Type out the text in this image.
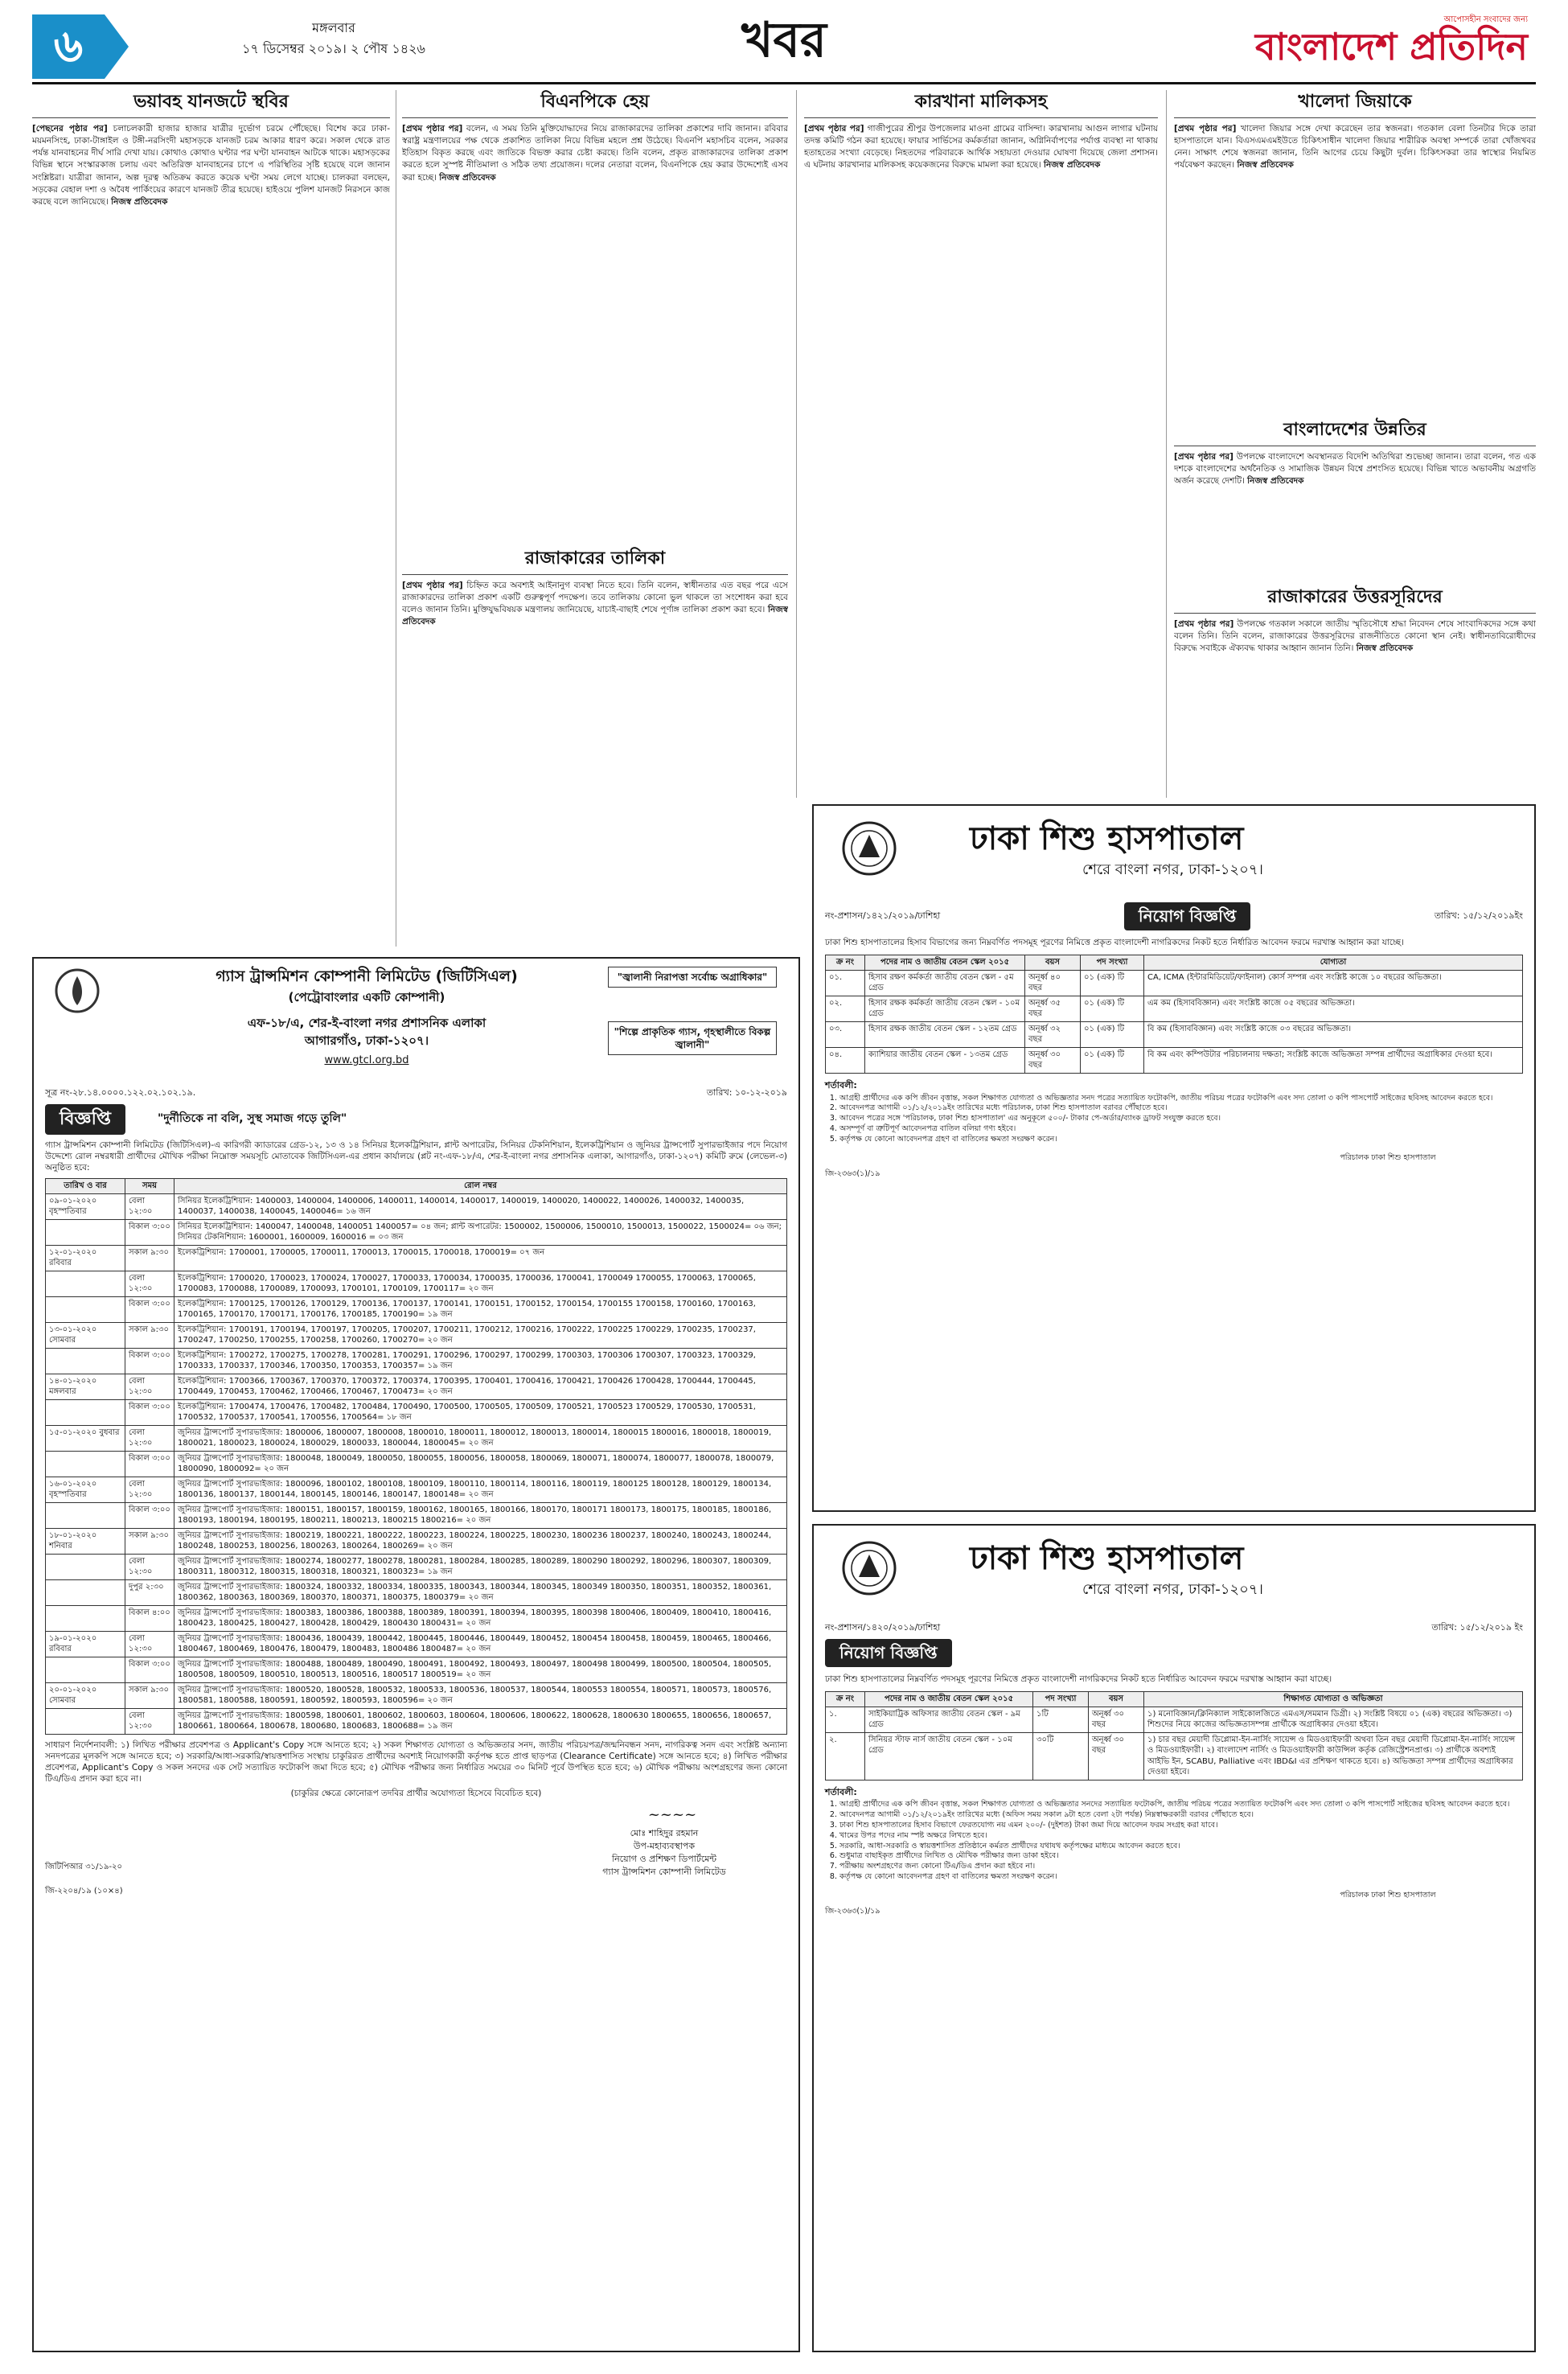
৬	মঙ্গলবার
১৭ ডিসেম্বর ২০১৯। ২ পৌষ ১৪২৬	খবর	আপোসহীন সংবাদের জন্য
বাংলাদেশ প্রতিদিন
ভয়াবহ যানজটে স্থবির

[পেছনের পৃষ্ঠার পর] চলাচলকারী হাজার হাজার যাত্রীর দুর্ভোগ চরমে পৌঁছেছে। বিশেষ করে ঢাকা-ময়মনসিংহ, ঢাকা-টাঙ্গাইল ও টঙ্গী-নরসিংদী মহাসড়কে যানজট চরম আকার ধারণ করে। সকাল থেকে রাত পর্যন্ত যানবাহনের দীর্ঘ সারি দেখা যায়। কোথাও কোথাও ঘণ্টার পর ঘণ্টা যানবাহন আটকে থাকে। মহাসড়কের বিভিন্ন স্থানে সংস্কারকাজ চলায় এবং অতিরিক্ত যানবাহনের চাপে এ পরিস্থিতির সৃষ্টি হয়েছে বলে জানান সংশ্লিষ্টরা। যাত্রীরা জানান, অল্প দূরত্ব অতিক্রম করতে কয়েক ঘণ্টা সময় লেগে যাচ্ছে। চালকরা বলছেন, সড়কের বেহাল দশা ও অবৈধ পার্কিংয়ের কারণে যানজট তীব্র হয়েছে। হাইওয়ে পুলিশ যানজট নিরসনে কাজ করছে বলে জানিয়েছে। নিজস্ব প্রতিবেদক

বিএনপিকে হেয়

[প্রথম পৃষ্ঠার পর] বলেন, এ সময় তিনি মুক্তিযোদ্ধাদের নিয়ে রাজাকারদের তালিকা প্রকাশের দাবি জানান। রবিবার স্বরাষ্ট্র মন্ত্রণালয়ের পক্ষ থেকে প্রকাশিত তালিকা নিয়ে বিভিন্ন মহলে প্রশ্ন উঠেছে। বিএনপি মহাসচিব বলেন, সরকার ইতিহাস বিকৃত করছে এবং জাতিকে বিভক্ত করার চেষ্টা করছে। তিনি বলেন, প্রকৃত রাজাকারদের তালিকা প্রকাশ করতে হলে সুস্পষ্ট নীতিমালা ও সঠিক তথ্য প্রয়োজন। দলের নেতারা বলেন, বিএনপিকে হেয় করার উদ্দেশ্যেই এসব করা হচ্ছে। নিজস্ব প্রতিবেদক

রাজাকারের তালিকা

[প্রথম পৃষ্ঠার পর] চিহ্নিত করে অবশ্যই আইনানুগ ব্যবস্থা নিতে হবে। তিনি বলেন, স্বাধীনতার এত বছর পরে এসে রাজাকারদের তালিকা প্রকাশ একটি গুরুত্বপূর্ণ পদক্ষেপ। তবে তালিকায় কোনো ভুল থাকলে তা সংশোধন করা হবে বলেও জানান তিনি। মুক্তিযুদ্ধবিষয়ক মন্ত্রণালয় জানিয়েছে, যাচাই-বাছাই শেষে পূর্ণাঙ্গ তালিকা প্রকাশ করা হবে। নিজস্ব প্রতিবেদক

কারখানা মালিকসহ

[প্রথম পৃষ্ঠার পর] গাজীপুরের শ্রীপুর উপজেলার মাওনা গ্রামের বাসিন্দা। কারখানায় আগুন লাগার ঘটনায় তদন্ত কমিটি গঠন করা হয়েছে। ফায়ার সার্ভিসের কর্মকর্তারা জানান, অগ্নিনির্বাপণের পর্যাপ্ত ব্যবস্থা না থাকায় হতাহতের সংখ্যা বেড়েছে। নিহতদের পরিবারকে আর্থিক সহায়তা দেওয়ার ঘোষণা দিয়েছে জেলা প্রশাসন। এ ঘটনায় কারখানার মালিকসহ কয়েকজনের বিরুদ্ধে মামলা করা হয়েছে। নিজস্ব প্রতিবেদক

খালেদা জিয়াকে

[প্রথম পৃষ্ঠার পর] খালেদা জিয়ার সঙ্গে দেখা করেছেন তার স্বজনরা। গতকাল বেলা তিনটার দিকে তারা হাসপাতালে যান। বিএসএমএমইউতে চিকিৎসাধীন খালেদা জিয়ার শারীরিক অবস্থা সম্পর্কে তারা খোঁজখবর নেন। সাক্ষাৎ শেষে স্বজনরা জানান, তিনি আগের চেয়ে কিছুটা দুর্বল। চিকিৎসকরা তার স্বাস্থ্যের নিয়মিত পর্যবেক্ষণ করছেন। নিজস্ব প্রতিবেদক

বাংলাদেশের উন্নতির

[প্রথম পৃষ্ঠার পর] উপলক্ষে বাংলাদেশে অবস্থানরত বিদেশি অতিথিরা শুভেচ্ছা জানান। তারা বলেন, গত এক দশকে বাংলাদেশের অর্থনৈতিক ও সামাজিক উন্নয়ন বিশ্বে প্রশংসিত হয়েছে। বিভিন্ন খাতে অভাবনীয় অগ্রগতি অর্জন করেছে দেশটি। নিজস্ব প্রতিবেদক

রাজাকারের উত্তরসূরিদের

[প্রথম পৃষ্ঠার পর] উপলক্ষে গতকাল সকালে জাতীয় স্মৃতিসৌধে শ্রদ্ধা নিবেদন শেষে সাংবাদিকদের সঙ্গে কথা বলেন তিনি। তিনি বলেন, রাজাকারের উত্তরসূরিদের রাজনীতিতে কোনো স্থান নেই। স্বাধীনতাবিরোধীদের বিরুদ্ধে সবাইকে ঐক্যবদ্ধ থাকার আহ্বান জানান তিনি। নিজস্ব প্রতিবেদক

গ্যাস ট্রান্সমিশন কোম্পানী লিমিটেড (জিটিসিএল)
(পেট্রোবাংলার একটি কোম্পানী)
এফ-১৮/এ, শের-ই-বাংলা নগর প্রশাসনিক এলাকা
আগারগাঁও, ঢাকা-১২০৭।
www.gtcl.org.bd
"জ্বালানী নিরাপত্তা সর্বোচ্চ অগ্রাধিকার"
"শিল্পে প্রাকৃতিক গ্যাস, গৃহস্থালীতে বিকল্প জ্বালানী"
সূত্র নং-২৮.১৪.০০০০.১২২.০২.১০২.১৯.	তারিখ: ১০-১২-২০১৯
বিজ্ঞপ্তি	"দুর্নীতিকে না বলি, সুস্থ সমাজ গড়ে তুলি"
গ্যাস ট্রান্সমিশন কোম্পানী লিমিটেড (জিটিসিএল)-এ কারিগরী ক্যাডারের গ্রেড-১২, ১৩ ও ১৪ সিনিয়র ইলেকট্রিশিয়ান, প্লান্ট অপারেটর, সিনিয়র টেকনিশিয়ান, ইলেকট্রিশিয়ান ও জুনিয়র ট্রান্সপোর্ট সুপারভাইজার পদে নিয়োগ উদ্দেশ্যে রোল নম্বরধারী প্রার্থীদের মৌখিক পরীক্ষা নিম্নোক্ত সময়সূচি মোতাবেক জিটিসিএল-এর প্রধান কার্যালয়ে (প্লট নং-এফ-১৮/এ, শের-ই-বাংলা নগর প্রশাসনিক এলাকা, আগারগাঁও, ঢাকা-১২০৭) কমিটি রুমে (লেভেল-৩) অনুষ্ঠিত হবে:
তারিখ ও বার	সময়	রোল নম্বর
০৯-০১-২০২০ বৃহস্পতিবার	বেলা ১২:৩০	সিনিয়র ইলেকট্রিশিয়ান: 1400003, 1400004, 1400006, 1400011, 1400014, 1400017, 1400019, 1400020, 1400022, 1400026, 1400032, 1400035, 1400037, 1400038, 1400045, 1400046= ১৬ জন
	বিকাল ৩:০০	সিনিয়র ইলেকট্রিশিয়ান: 1400047, 1400048, 1400051 1400057= ০৪ জন; প্লান্ট অপারেটর: 1500002, 1500006, 1500010, 1500013, 1500022, 1500024= ০৬ জন; সিনিয়র টেকনিশিয়ান: 1600001, 1600009, 1600016 = ০৩ জন
১২-০১-২০২০ রবিবার	সকাল ৯:৩০	ইলেকট্রিশিয়ান: 1700001, 1700005, 1700011, 1700013, 1700015, 1700018, 1700019= ০৭ জন
	বেলা ১২:৩০	ইলেকট্রিশিয়ান: 1700020, 1700023, 1700024, 1700027, 1700033, 1700034, 1700035, 1700036, 1700041, 1700049 1700055, 1700063, 1700065, 1700083, 1700088, 1700089, 1700093, 1700101, 1700109, 1700117= ২০ জন
	বিকাল ৩:০০	ইলেকট্রিশিয়ান: 1700125, 1700126, 1700129, 1700136, 1700137, 1700141, 1700151, 1700152, 1700154, 1700155 1700158, 1700160, 1700163, 1700165, 1700170, 1700171, 1700176, 1700185, 1700190= ১৯ জন
১৩-০১-২০২০ সোমবার	সকাল ৯:৩০	ইলেকট্রিশিয়ান: 1700191, 1700194, 1700197, 1700205, 1700207, 1700211, 1700212, 1700216, 1700222, 1700225 1700229, 1700235, 1700237, 1700247, 1700250, 1700255, 1700258, 1700260, 1700270= ২০ জন
	বিকাল ৩:০০	ইলেকট্রিশিয়ান: 1700272, 1700275, 1700278, 1700281, 1700291, 1700296, 1700297, 1700299, 1700303, 1700306 1700307, 1700323, 1700329, 1700333, 1700337, 1700346, 1700350, 1700353, 1700357= ১৯ জন
১৪-০১-২০২০ মঙ্গলবার	বেলা ১২:৩০	ইলেকট্রিশিয়ান: 1700366, 1700367, 1700370, 1700372, 1700374, 1700395, 1700401, 1700416, 1700421, 1700426 1700428, 1700444, 1700445, 1700449, 1700453, 1700462, 1700466, 1700467, 1700473= ২০ জন
	বিকাল ৩:০০	ইলেকট্রিশিয়ান: 1700474, 1700476, 1700482, 1700484, 1700490, 1700500, 1700505, 1700509, 1700521, 1700523 1700529, 1700530, 1700531, 1700532, 1700537, 1700541, 1700556, 1700564= ১৮ জন
১৫-০১-২০২০ বুধবার	বেলা ১২:৩০	জুনিয়র ট্রান্সপোর্ট সুপারভাইজার: 1800006, 1800007, 1800008, 1800010, 1800011, 1800012, 1800013, 1800014, 1800015 1800016, 1800018, 1800019, 1800021, 1800023, 1800024, 1800029, 1800033, 1800044, 1800045= ২০ জন
	বিকাল ৩:০০	জুনিয়র ট্রান্সপোর্ট সুপারভাইজার: 1800048, 1800049, 1800050, 1800055, 1800056, 1800058, 1800069, 1800071, 1800074, 1800077, 1800078, 1800079, 1800090, 1800092= ২০ জন
১৬-০১-২০২০ বৃহস্পতিবার	বেলা ১২:৩০	জুনিয়র ট্রান্সপোর্ট সুপারভাইজার: 1800096, 1800102, 1800108, 1800109, 1800110, 1800114, 1800116, 1800119, 1800125 1800128, 1800129, 1800134, 1800136, 1800137, 1800144, 1800145, 1800146, 1800147, 1800148= ২০ জন
	বিকাল ৩:০০	জুনিয়র ট্রান্সপোর্ট সুপারভাইজার: 1800151, 1800157, 1800159, 1800162, 1800165, 1800166, 1800170, 1800171 1800173, 1800175, 1800185, 1800186, 1800193, 1800194, 1800195, 1800211, 1800213, 1800215 1800216= ২০ জন
১৮-০১-২০২০ শনিবার	সকাল ৯:৩০	জুনিয়র ট্রান্সপোর্ট সুপারভাইজার: 1800219, 1800221, 1800222, 1800223, 1800224, 1800225, 1800230, 1800236 1800237, 1800240, 1800243, 1800244, 1800248, 1800253, 1800256, 1800263, 1800264, 1800269= ২০ জন
	বেলা ১২:৩০	জুনিয়র ট্রান্সপোর্ট সুপারভাইজার: 1800274, 1800277, 1800278, 1800281, 1800284, 1800285, 1800289, 1800290 1800292, 1800296, 1800307, 1800309, 1800311, 1800312, 1800315, 1800318, 1800321, 1800323= ১৯ জন
	দুপুর ২:৩০	জুনিয়র ট্রান্সপোর্ট সুপারভাইজার: 1800324, 1800332, 1800334, 1800335, 1800343, 1800344, 1800345, 1800349 1800350, 1800351, 1800352, 1800361, 1800362, 1800363, 1800369, 1800370, 1800371, 1800375, 1800379= ২০ জন
	বিকাল ৪:০০	জুনিয়র ট্রান্সপোর্ট সুপারভাইজার: 1800383, 1800386, 1800388, 1800389, 1800391, 1800394, 1800395, 1800398 1800406, 1800409, 1800410, 1800416, 1800423, 1800425, 1800427, 1800428, 1800429, 1800430 1800431= ২০ জন
১৯-০১-২০২০ রবিবার	বেলা ১২:৩০	জুনিয়র ট্রান্সপোর্ট সুপারভাইজার: 1800436, 1800439, 1800442, 1800445, 1800446, 1800449, 1800452, 1800454 1800458, 1800459, 1800465, 1800466, 1800467, 1800469, 1800476, 1800479, 1800483, 1800486 1800487= ২০ জন
	বিকাল ৩:০০	জুনিয়র ট্রান্সপোর্ট সুপারভাইজার: 1800488, 1800489, 1800490, 1800491, 1800492, 1800493, 1800497, 1800498 1800499, 1800500, 1800504, 1800505, 1800508, 1800509, 1800510, 1800513, 1800516, 1800517 1800519= ২০ জন
২০-০১-২০২০ সোমবার	সকাল ৯:৩০	জুনিয়র ট্রান্সপোর্ট সুপারভাইজার: 1800520, 1800528, 1800532, 1800533, 1800536, 1800537, 1800544, 1800553 1800554, 1800571, 1800573, 1800576, 1800581, 1800588, 1800591, 1800592, 1800593, 1800596= ২০ জন
	বেলা ১২:৩০	জুনিয়র ট্রান্সপোর্ট সুপারভাইজার: 1800598, 1800601, 1800602, 1800603, 1800604, 1800606, 1800622, 1800628, 1800630 1800655, 1800656, 1800657, 1800661, 1800664, 1800678, 1800680, 1800683, 1800688= ১৯ জন
সাধারণ নির্দেশনাবলী: ১) লিখিত পরীক্ষার প্রবেশপত্র ও Applicant's Copy সঙ্গে আনতে হবে; ২) সকল শিক্ষাগত যোগ্যতা ও অভিজ্ঞতার সনদ, জাতীয় পরিচয়পত্র/জন্মনিবন্ধন সনদ, নাগরিকত্ব সনদ এবং সংশ্লিষ্ট অন্যান্য সনদপত্রের মূলকপি সঙ্গে আনতে হবে; ৩) সরকারি/আধা-সরকারি/স্বায়ত্তশাসিত সংস্থায় চাকুরিরত প্রার্থীদের অবশ্যই নিয়োগকারী কর্তৃপক্ষ হতে প্রাপ্ত ছাড়পত্র (Clearance Certificate) সঙ্গে আনতে হবে; ৪) লিখিত পরীক্ষার প্রবেশপত্র, Applicant's Copy ও সকল সনদের এক সেট সত্যায়িত ফটোকপি জমা দিতে হবে; ৫) মৌখিক পরীক্ষার জন্য নির্ধারিত সময়ের ৩০ মিনিট পূর্বে উপস্থিত হতে হবে; ৬) মৌখিক পরীক্ষায় অংশগ্রহণের জন্য কোনো টিএ/ডিএ প্রদান করা হবে না।
(চাকুরির ক্ষেত্রে কোনোরূপ তদবির প্রার্থীর অযোগ্যতা হিসেবে বিবেচিত হবে)
~~~~
মোঃ শাহিদুর রহমান
উপ-মহাব্যবস্থাপক
নিয়োগ ও প্রশিক্ষণ ডিপার্টমেন্ট
গ্যাস ট্রান্সমিশন কোম্পানী লিমিটেড
জিটিপিআর ৩১/১৯-২০
জি-২২০৪/১৯ (১০×৪)
ঢাকা শিশু হাসপাতাল
শেরে বাংলা নগর, ঢাকা-১২০৭।
নং-প্রশাসন/১৪২১/২০১৯/ঢাশিহা	নিয়োগ বিজ্ঞপ্তি	তারিখ: ১৫/১২/২০১৯ইং
ঢাকা শিশু হাসপাতালের হিসাব বিভাগের জন্য নিম্নবর্ণিত পদসমূহ পূরণের নিমিত্তে প্রকৃত বাংলাদেশী নাগরিকদের নিকট হতে নির্ধারিত আবেদন ফরমে দরখাস্ত আহ্বান করা যাচ্ছে।
ক্র নং	পদের নাম ও জাতীয় বেতন স্কেল ২০১৫	বয়স	পদ সংখ্যা	যোগ্যতা
০১.	হিসাব রক্ষণ কর্মকর্তা জাতীয় বেতন স্কেল - ৫ম গ্রেড	অনূর্ধ্ব ৪০ বছর	০১ (এক) টি	CA, ICMA (ইন্টারমিডিয়েট/ফাইনাল) কোর্স সম্পন্ন এবং সংশ্লিষ্ট কাজে ১০ বছরের অভিজ্ঞতা।
০২.	হিসাব রক্ষক কর্মকর্তা জাতীয় বেতন স্কেল - ১০ম গ্রেড	অনূর্ধ্ব ৩৫ বছর	০১ (এক) টি	এম কম (হিসাববিজ্ঞান) এবং সংশ্লিষ্ট কাজে ০৫ বছরের অভিজ্ঞতা।
০৩.	হিসাব রক্ষক জাতীয় বেতন স্কেল - ১২তম গ্রেড	অনূর্ধ্ব ৩২ বছর	০১ (এক) টি	বি কম (হিসাববিজ্ঞান) এবং সংশ্লিষ্ট কাজে ০৩ বছরের অভিজ্ঞতা।
০৪.	ক্যাশিয়ার জাতীয় বেতন স্কেল - ১৩তম গ্রেড	অনূর্ধ্ব ৩০ বছর	০১ (এক) টি	বি কম এবং কম্পিউটার পরিচালনায় দক্ষতা; সংশ্লিষ্ট কাজে অভিজ্ঞতা সম্পন্ন প্রার্থীদের অগ্রাধিকার দেওয়া হবে।
শর্তাবলী:
1. আগ্রহী প্রার্থীদের এক কপি জীবন বৃত্তান্ত, সকল শিক্ষাগত যোগ্যতা ও অভিজ্ঞতার সনদ পত্রের সত্যায়িত ফটোকপি, জাতীয় পরিচয় পত্রের ফটোকপি এবং সদ্য তোলা ৩ কপি পাসপোর্ট সাইজের ছবিসহ আবেদন করতে হবে।
2. আবেদনপত্র আগামী ০১/১২/২০১৯ইং তারিখের মধ্যে পরিচালক, ঢাকা শিশু হাসপাতাল বরাবর পৌঁছাতে হবে।
3. আবেদন পত্রের সঙ্গে 'পরিচালক, ঢাকা শিশু হাসপাতাল' এর অনুকূলে ৫০০/- টাকার পে-অর্ডার/ব্যাংক ড্রাফট সংযুক্ত করতে হবে।
4. অসম্পূর্ণ বা ত্রুটিপূর্ণ আবেদনপত্র বাতিল বলিয়া গণ্য হইবে।
5. কর্তৃপক্ষ যে কোনো আবেদনপত্র গ্রহণ বা বাতিলের ক্ষমতা সংরক্ষণ করেন।
জি-২৩৬৩(১)/১৯
পরিচালক ঢাকা শিশু হাসপাতাল
ঢাকা শিশু হাসপাতাল
শেরে বাংলা নগর, ঢাকা-১২০৭।
নং-প্রশাসন/১৪২০/২০১৯/ঢাশিহা	তারিখ: ১৫/১২/২০১৯ ইং
নিয়োগ বিজ্ঞপ্তি
ঢাকা শিশু হাসপাতালের নিম্নবর্ণিত পদসমূহ পূরণের নিমিত্তে প্রকৃত বাংলাদেশী নাগরিকদের নিকট হতে নির্ধারিত আবেদন ফরমে দরখাস্ত আহ্বান করা যাচ্ছে।
ক্র নং	পদের নাম ও জাতীয় বেতন স্কেল ২০১৫	পদ সংখ্যা	বয়স	শিক্ষাগত যোগ্যতা ও অভিজ্ঞতা
১.	সাইকিয়াট্রিক অফিসার জাতীয় বেতন স্কেল - ৯ম গ্রেড	১টি	অনূর্ধ্ব ৩০ বছর	১) মনোবিজ্ঞান/ক্লিনিক্যাল সাইকোলজিতে এমএস/সমমান ডিগ্রী। ২) সংশ্লিষ্ট বিষয়ে ০১ (এক) বছরের অভিজ্ঞতা। ৩) শিশুদের নিয়ে কাজের অভিজ্ঞতাসম্পন্ন প্রার্থীকে অগ্রাধিকার দেওয়া হইবে।
২.	সিনিয়র স্টাফ নার্স জাতীয় বেতন স্কেল - ১০ম গ্রেড	৩০টি	অনূর্ধ্ব ৩০ বছর	১) চার বছর মেয়াদী ডিপ্লোমা-ইন-নার্সিং সায়েন্স ও মিডওয়াইফারী অথবা তিন বছর মেয়াদী ডিপ্লোমা-ইন-নার্সিং সায়েন্স ও মিডওয়াইফারী। ২) বাংলাদেশ নার্সিং ও মিডওয়াইফারী কাউন্সিল কর্তৃক রেজিস্ট্রেশনপ্রাপ্ত। ৩) প্রার্থীকে অবশ্যই আইভি ইন, SCABU, Palliative এবং IBD&I এর প্রশিক্ষণ থাকতে হবে। ৪) অভিজ্ঞতা সম্পন্ন প্রার্থীদের অগ্রাধিকার দেওয়া হইবে।
শর্তাবলী:
1. আগ্রহী প্রার্থীদের এক কপি জীবন বৃত্তান্ত, সকল শিক্ষাগত যোগ্যতা ও অভিজ্ঞতার সনদের সত্যায়িত ফটোকপি, জাতীয় পরিচয় পত্রের সত্যায়িত ফটোকপি এবং সদ্য তোলা ৩ কপি পাসপোর্ট সাইজের ছবিসহ আবেদন করতে হবে।
2. আবেদনপত্র আগামী ০১/১২/২০১৯ইং তারিখের মধ্যে (অফিস সময় সকাল ৯টা হতে বেলা ২টা পর্যন্ত) নিম্নস্বাক্ষরকারী বরাবর পৌঁছাতে হবে।
3. ঢাকা শিশু হাসপাতালের হিসাব বিভাগে ফেরতযোগ্য নয় এমন ২০০/- (দুইশত) টাকা জমা দিয়ে আবেদন ফরম সংগ্রহ করা যাবে।
4. খামের উপর পদের নাম স্পষ্ট অক্ষরে লিখতে হবে।
5. সরকারি, আধা-সরকারি ও স্বায়ত্তশাসিত প্রতিষ্ঠানে কর্মরত প্রার্থীদের যথাযথ কর্তৃপক্ষের মাধ্যমে আবেদন করতে হবে।
6. শুধুমাত্র বাছাইকৃত প্রার্থীদের লিখিত ও মৌখিক পরীক্ষার জন্য ডাকা হইবে।
7. পরীক্ষায় অংশগ্রহণের জন্য কোনো টিএ/ডিএ প্রদান করা হইবে না।
8. কর্তৃপক্ষ যে কোনো আবেদনপত্র গ্রহণ বা বাতিলের ক্ষমতা সংরক্ষণ করেন।
জি-২৩৬৩(১)/১৯
পরিচালক ঢাকা শিশু হাসপাতাল
